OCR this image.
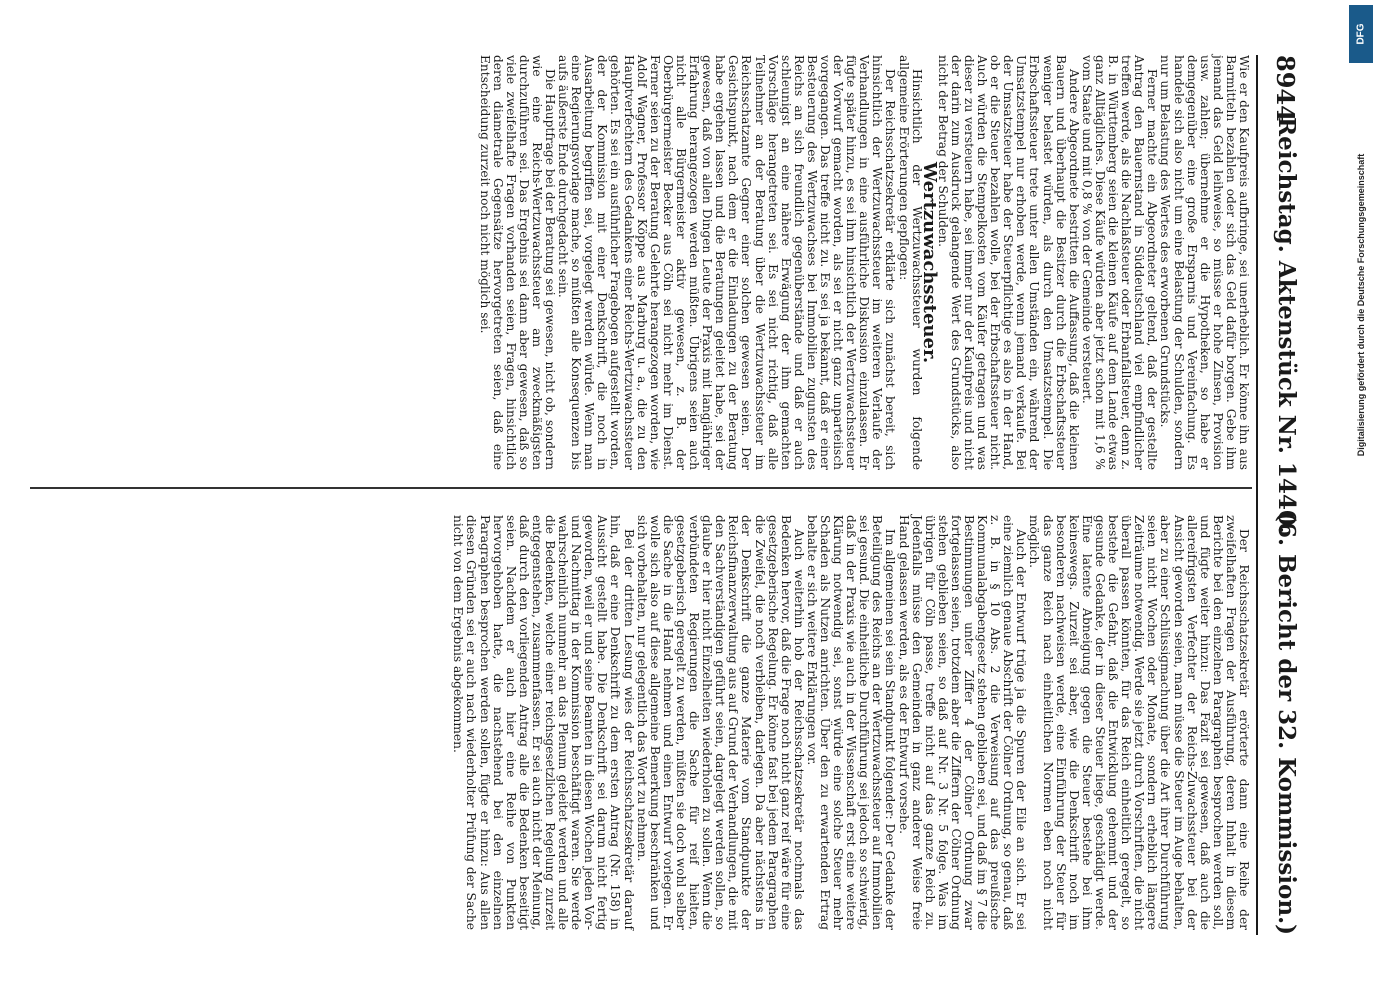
8944
Reichstag. Aktenstück Nr. 1440.
(6. Bericht der 32. Kommission.)

Wie er den Kaufpreis aufbringe, sei unerheblich. Er könne ihn aus Barmitteln bezahlen oder sich das Geld dafür borgen. Gebe ihm jemand das Geld leihweise, so müsse er hohe Zinsen, Provision usw. zahlen; übernehme er die Hypotheken, so habe er demgegenüber eine große Ersparnis und Vereinfachung. Es handele sich also nicht um eine Belastung der Schulden, sondern nur um Belastung des Wertes des erworbenen Grundstücks.

Ferner machte ein Abgeordneter geltend, daß der gestellte Antrag den Bauernstand in Süddeutschland viel empfindlicher treffen werde, als die Nachlaßsteuer oder Erbanfallsteuer, denn z. B. in Württemberg seien die kleinen Käufe auf dem Lande etwas ganz Alltägliches. Diese Käufe würden aber jetzt schon mit 1,6 % vom Staate und mit 0,8 % von der Gemeinde versteuert.

Andere Abgeordnete bestritten die Auffassung, daß die kleinen Bauern und überhaupt die Besitzer durch die Erbschaftssteuer weniger belastet würden, als durch den Umsatzstempel. Die Erbschaftssteuer trete unter allen Umständen ein, während der Umsatzstempel nur erhoben werde, wenn jemand verkaufe. Bei der Umsatzsteuer habe der Steuerpflichtige es also in der Hand, ob er die Steuer bezahlen wolle, bei der Erbschaftssteuer nicht. Auch würden die Stempelkosten vom Käufer getragen und was dieser zu versteuern habe, sei immer nur der Kaufpreis und nicht der darin zum Ausdruck gelangende Wert des Grundstücks, also nicht der Betrag der Schulden.

Wertzuwachssteuer.

Hinsichtlich der Wertzuwachssteuer wurden folgende allgemeine Erörterungen gepflogen:

Der Reichsschatzsekretär erklärte sich zunächst bereit, sich hinsichtlich der Wertzuwachssteuer im weiteren Verlaufe der Verhandlungen in eine ausführliche Diskussion einzulassen. Er fügte später hinzu, es sei ihm hinsichtlich der Wertzuwachssteuer der Vorwurf gemacht worden, als sei er nicht ganz unparteiisch vorgegangen. Das treffe nicht zu. Es sei ja bekannt, daß er einer Besteuerung des Wertzuwachses bei Immobilien zugunsten des Reichs an sich freundlich gegenüberstände und daß er auch schleunigst an eine nähere Erwägung der ihm gemachten Vorschläge herangetreten sei. Es sei nicht richtig, daß alle Teilnehmer an der Beratung über die Wertzuwachssteuer im Reichsschatzamte Gegner einer solchen gewesen seien. Der Gesichtspunkt, nach dem er die Einladungen zu der Beratung habe ergehen lassen und die Beratungen geleitet habe, sei der gewesen, daß von allen Dingen Leute der Praxis mit langjähriger Erfahrung herangezogen werden müßten. Übrigens seien auch nicht alle Bürgermeister aktiv gewesen, z. B. der Oberbürgermeister Becker aus Cöln sei nicht mehr im Dienst. Ferner seien zu der Beratung Gelehrte herangezogen worden, wie Adolf Wagner, Professor Köppe aus Marburg u. a., die zu den Hauptverfechtern des Gedankens einer Reichs-Wertzuwachssteuer gehörten. Es sei ein ausführlicher Fragebogen aufgestellt worden, der der Kommission mit einer Denkschrift, die noch in Ausarbeitung begriffen sei, vorgelegt werden würde. Wenn man eine Regierungsvorlage mache, so müßten alle Konsequenzen bis aufs äußerste Ende durchgedacht sein.

Die Hauptfrage bei der Beratung sei gewesen, nicht ob, sondern wie eine Reichs-Wertzuwachssteuer am zweckmäßigsten durchzuführen sei. Das Ergebnis sei dann aber gewesen, daß so viele zweifelhafte Fragen vorhanden seien, Fragen, hinsichtlich deren diametrale Gegensätze hervorgetreten seien, daß eine Entscheidung zurzeit noch nicht möglich sei.

Der Reichsschatzsekretär erörterte dann eine Reihe der zweifelhaften Fragen der Ausführung, deren Inhalt in diesem Berichte bei den einzelnen Paragraphen besprochen werden soll, und fügte weiter hinzu: Das Fazit sei gewesen, daß auch die allereifrigsten Verfechter der Reichs-Zuwachssteuer bei der Ansicht geworden seien, man müsse die Steuer im Auge behalten, aber zu einer Schlüssigmachung über die Art ihrer Durchführung seien nicht Wochen oder Monate, sondern erheblich längere Zeiträume notwendig. Werde sie jetzt durch Vorschriften, die nicht überall passen könnten, für das Reich einheitlich geregelt, so bestehe die Gefahr, daß die Entwicklung gehemmt und der gesunde Gedanke, der in dieser Steuer liege, geschädigt werde. Eine latente Abneigung gegen die Steuer bestehe bei ihm keineswegs. Zurzeit sei aber, wie die Denkschrift noch im besonderen nachweisen werde, eine Einführung der Steuer für das ganze Reich nach einheitlichen Normen eben noch nicht möglich.

Auch der Entwurf trüge ja die Spuren der Eile an sich. Er sei eine ziemlich genaue Abschrift der Cölner Ordnung, so genau, daß z. B. in § 10 Abs. 2 die Verweisung auf das preußische Kommunalabgabengesetz stehen geblieben sei, und daß im § 7 die Bestimmungen unter Ziffer 4 der Cölner Ordnung zwar fortgelassen seien, trotzdem aber die Ziffern der Cölner Ordnung stehen geblieben seien, so daß auf Nr. 3 Nr. 5 folge. Was im übrigen für Cöln passe, treffe nicht auf das ganze Reich zu. Jedenfalls müsse den Gemeinden in ganz anderer Weise freie Hand gelassen werden, als es der Entwurf vorsehe.

Im allgemeinen sei sein Standpunkt folgender: Der Gedanke der Beteiligung des Reichs an der Wertzuwachssteuer auf Immobilien sei gesund. Die einheitliche Durchführung sei jedoch so schwierig, daß in der Praxis wie auch in der Wissenschaft erst eine weitere Klärung notwendig sei, sonst würde eine solche Steuer mehr Schaden als Nutzen anrichten. Über den zu erwartenden Ertrag behalte er sich weitere Erklärungen vor.

Auch weiterhin hob der Reichsschatzsekretär nochmals das Bedenken hervor, daß die Frage noch nicht ganz reif wäre für eine gesetzgeberische Regelung. Er könne fast bei jedem Paragraphen die Zweifel, die noch verbleiben, darlegen. Da aber nächstens in der Denkschrift die ganze Materie vom Standpunkte der Reichsfinanzverwaltung aus auf Grund der Verhandlungen, die mit den Sachverständigen geführt seien, dargelegt werden sollen, so glaube er hier nicht Einzelheiten wiederholen zu sollen. Wenn die verbündeten Regierungen die Sache für reif hielten, gesetzgeberisch geregelt zu werden, müßten sie doch wohl selber die Sache in die Hand nehmen und einen Entwurf vorlegen. Er wolle sich also auf diese allgemeine Bemerkung beschränken und sich vorbehalten, nur gelegentlich das Wort zu nehmen.

Bei der dritten Lesung wies der Reichsschatzsekretär darauf hin, daß er eine Denkschrift zu dem ersten Antrag (Nr. 158) in Aussicht gestellt habe. Die Denkschrift sei darum nicht fertig geworden, weil er und seine Beamten in diesen Wochen jeden Vor- und Nachmittag in der Kommission beschäftigt waren. Sie werde wahrscheinlich nunmehr an das Plenum geleitet werden und alle die Bedenken, welche einer reichsgesetzlichen Regelung zurzeit entgegenstehen, zusammenfassen. Er sei auch nicht der Meinung, daß durch den vorliegenden Antrag alle die Bedenken beseitigt seien. Nachdem er auch hier eine Reihe von Punkten hervorgehoben hatte, die nachstehend bei den einzelnen Paragraphen besprochen werden sollen, fügte er hinzu: Aus allen diesen Gründen sei er auch nach wiederholter Prüfung der Sache nicht von dem Ergebnis abgekommen.

DFG
Digitalisierung gefördert durch die Deutsche Forschungsgemeinschaft
